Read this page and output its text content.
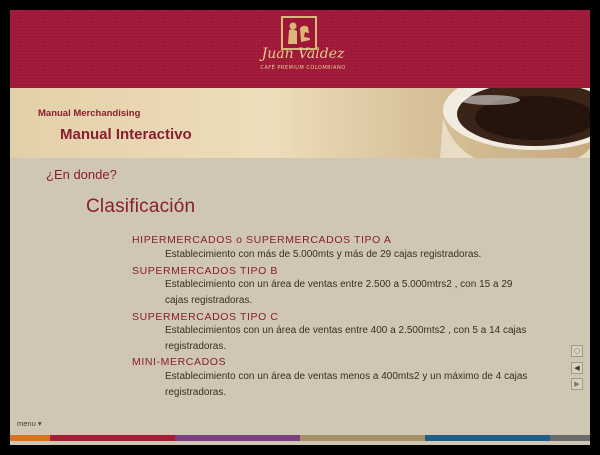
Juan Valdez
CAFÉ PREMIUM COLOMBIANO
Manual Merchandising
Manual Interactivo
¿En donde?
Clasificación
HIPERMERCADOS o SUPERMERCADOS TIPO A
Establecimiento con más de 5.000mts y más de 29 cajas registradoras.
SUPERMERCADOS TIPO B
Establecimiento con un área de ventas entre 2.500 a 5.000mtrs2 , con 15 a 29 cajas registradoras.
SUPERMERCADOS TIPO C
Establecimientos con un área de ventas entre 400 a 2.500mts2 , con 5 a 14 cajas registradoras.
MINI-MERCADOS
Establecimiento con un área de ventas menos a 400mts2 y un máximo de 4 cajas registradoras.
○
◀
▶
menu ▾
